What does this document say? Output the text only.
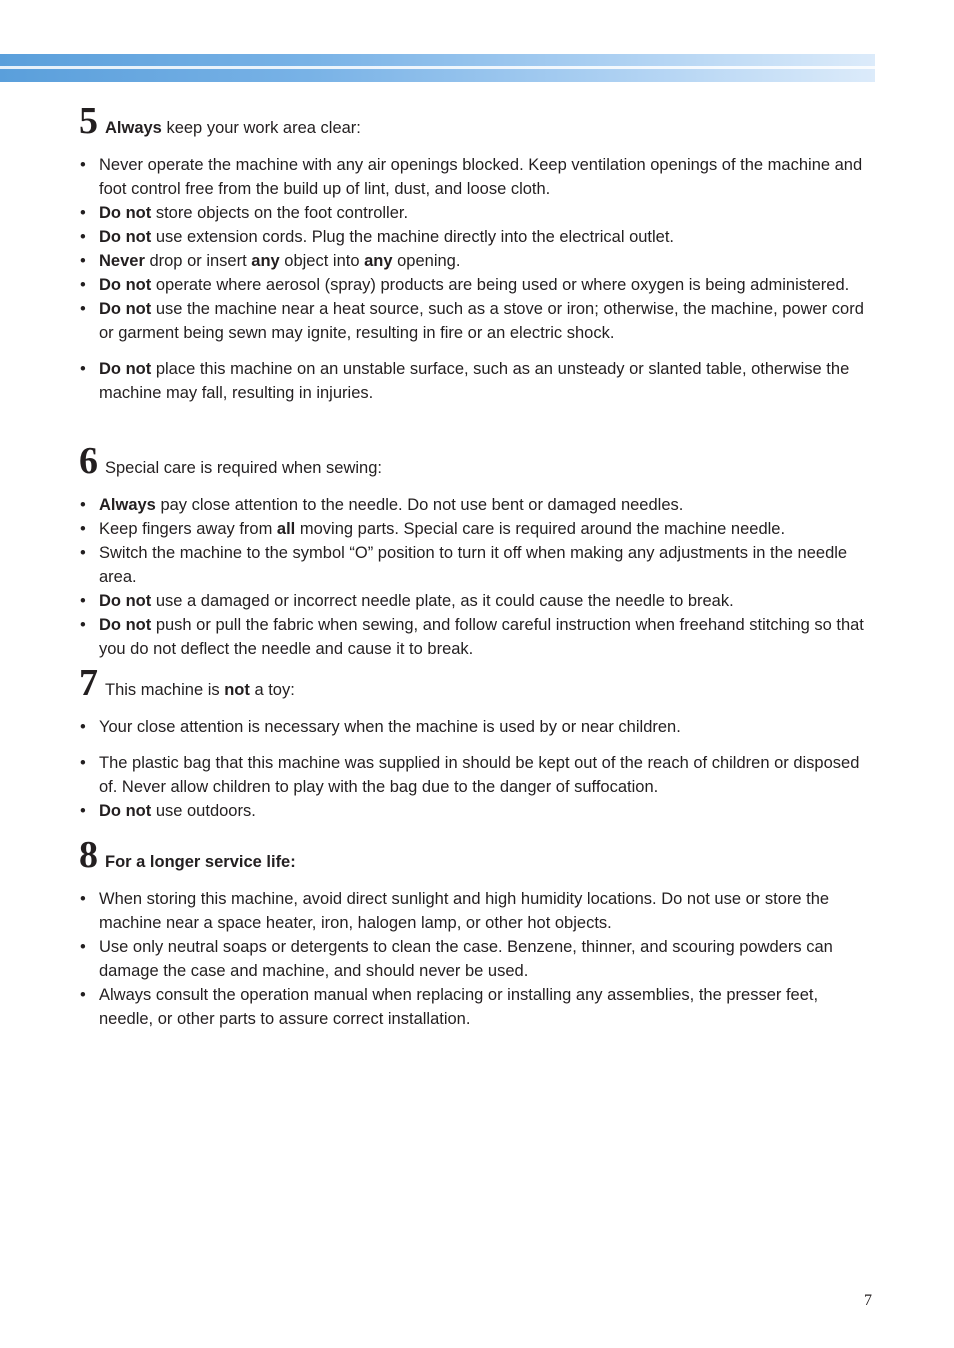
5 Always keep your work area clear:
• Never operate the machine with any air openings blocked. Keep ventilation openings of the machine and foot control free from the build up of lint, dust, and loose cloth.
• Do not store objects on the foot controller.
• Do not use extension cords. Plug the machine directly into the electrical outlet.
• Never drop or insert any object into any opening.
• Do not operate where aerosol (spray) products are being used or where oxygen is being administered.
• Do not use the machine near a heat source, such as a stove or iron; otherwise, the machine, power cord or garment being sewn may ignite, resulting in fire or an electric shock.
• Do not place this machine on an unstable surface, such as an unsteady or slanted table, otherwise the machine may fall, resulting in injuries.
6 Special care is required when sewing:
• Always pay close attention to the needle. Do not use bent or damaged needles.
• Keep fingers away from all moving parts. Special care is required around the machine needle.
• Switch the machine to the symbol “O” position to turn it off when making any adjustments in the needle area.
• Do not use a damaged or incorrect needle plate, as it could cause the needle to break.
• Do not push or pull the fabric when sewing, and follow careful instruction when freehand stitching so that you do not deflect the needle and cause it to break.
7 This machine is not a toy:
• Your close attention is necessary when the machine is used by or near children.
• The plastic bag that this machine was supplied in should be kept out of the reach of children or disposed of. Never allow children to play with the bag due to the danger of suffocation.
• Do not use outdoors.
8 For a longer service life:
• When storing this machine, avoid direct sunlight and high humidity locations. Do not use or store the machine near a space heater, iron, halogen lamp, or other hot objects.
• Use only neutral soaps or detergents to clean the case. Benzene, thinner, and scouring powders can damage the case and machine, and should never be used.
• Always consult the operation manual when replacing or installing any assemblies, the presser feet, needle, or other parts to assure correct installation.
7
